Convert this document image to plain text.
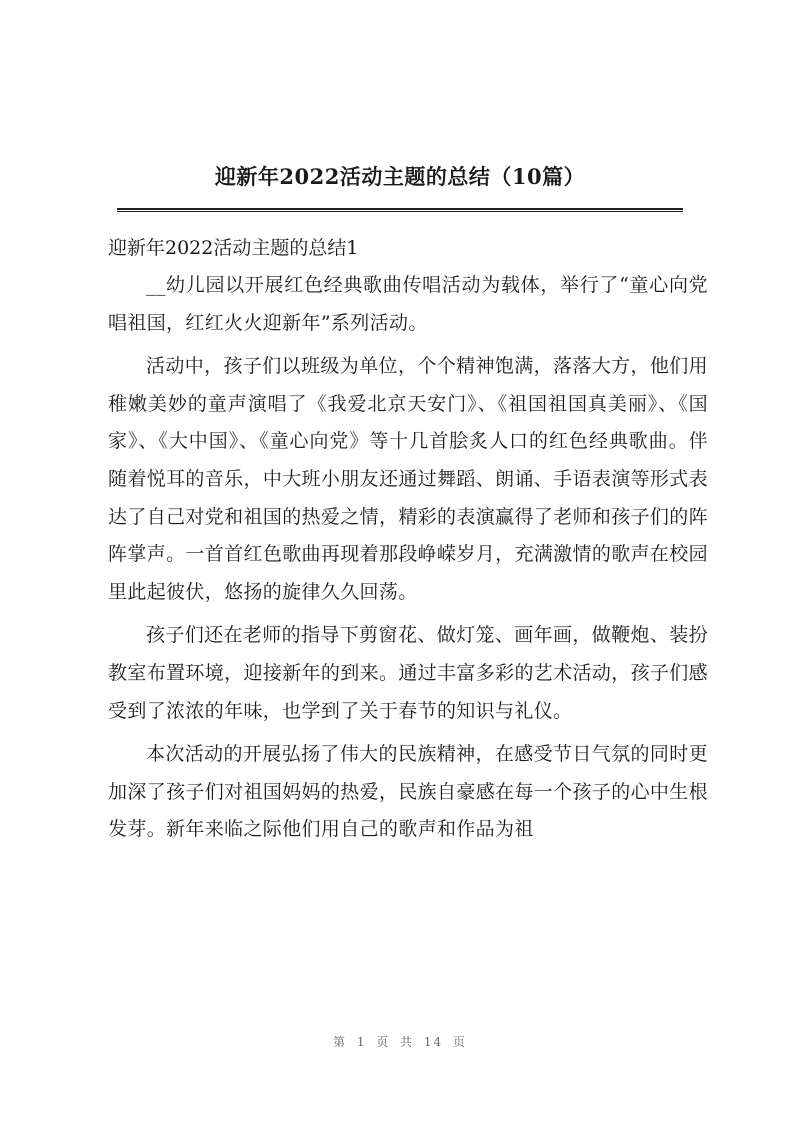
迎新年2022活动主题的总结（10篇）
迎新年2022活动主题的总结1

__幼儿园以开展红色经典歌曲传唱活动为载体，举行了“童心向党唱祖国，红红火火迎新年”系列活动。

活动中，孩子们以班级为单位，个个精神饱满，落落大方，他们用稚嫩美妙的童声演唱了《我爱北京天安门》、《祖国祖国真美丽》、《国家》、《大中国》、《童心向党》等十几首脍炙人口的红色经典歌曲。伴随着悦耳的音乐，中大班小朋友还通过舞蹈、朗诵、手语表演等形式表达了自己对党和祖国的热爱之情，精彩的表演赢得了老师和孩子们的阵阵掌声。一首首红色歌曲再现着那段峥嵘岁月，充满激情的歌声在校园里此起彼伏，悠扬的旋律久久回荡。

孩子们还在老师的指导下剪窗花、做灯笼、画年画，做鞭炮、装扮教室布置环境，迎接新年的到来。通过丰富多彩的艺术活动，孩子们感受到了浓浓的年味，也学到了关于春节的知识与礼仪。

本次活动的开展弘扬了伟大的民族精神，在感受节日气氛的同时更加深了孩子们对祖国妈妈的热爱，民族自豪感在每一个孩子的心中生根发芽。新年来临之际他们用自己的歌声和作品为祖

第 1 页 共 14 页
